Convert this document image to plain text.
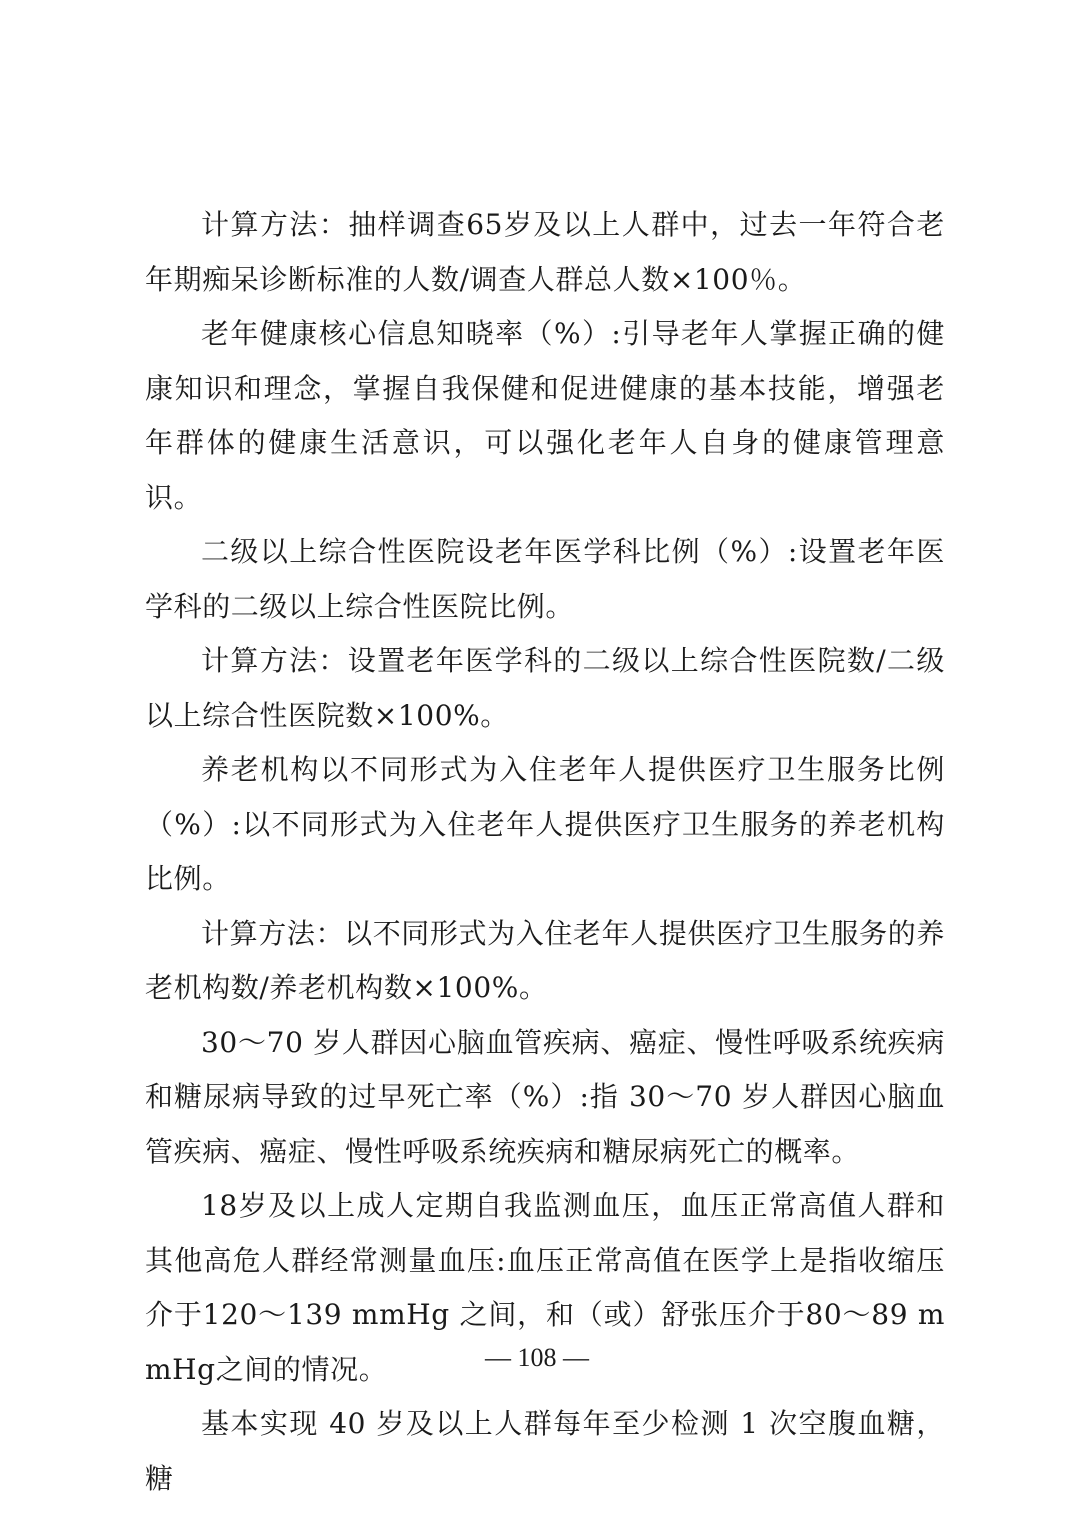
计算方法：抽样调查65岁及以上人群中，过去一年符合老年期痴呆诊断标准的人数/调查人群总人数×100％。

老年健康核心信息知晓率（%）:引导老年人掌握正确的健康知识和理念，掌握自我保健和促进健康的基本技能，增强老年群体的健康生活意识，可以强化老年人自身的健康管理意识。

二级以上综合性医院设老年医学科比例（%）:设置老年医学科的二级以上综合性医院比例。

计算方法：设置老年医学科的二级以上综合性医院数/二级以上综合性医院数×100%。

养老机构以不同形式为入住老年人提供医疗卫生服务比例（%）:以不同形式为入住老年人提供医疗卫生服务的养老机构比例。

计算方法：以不同形式为入住老年人提供医疗卫生服务的养老机构数/养老机构数×100%。

30～70 岁人群因心脑血管疾病、癌症、慢性呼吸系统疾病和糖尿病导致的过早死亡率（%）:指 30～70 岁人群因心脑血管疾病、癌症、慢性呼吸系统疾病和糖尿病死亡的概率。

18岁及以上成人定期自我监测血压，血压正常高值人群和其他高危人群经常测量血压:血压正常高值在医学上是指收缩压介于120～139 mmHg 之间，和（或）舒张压介于80～89 mmHg之间的情况。

基本实现 40 岁及以上人群每年至少检测 1 次空腹血糖，糖

— 108 —
